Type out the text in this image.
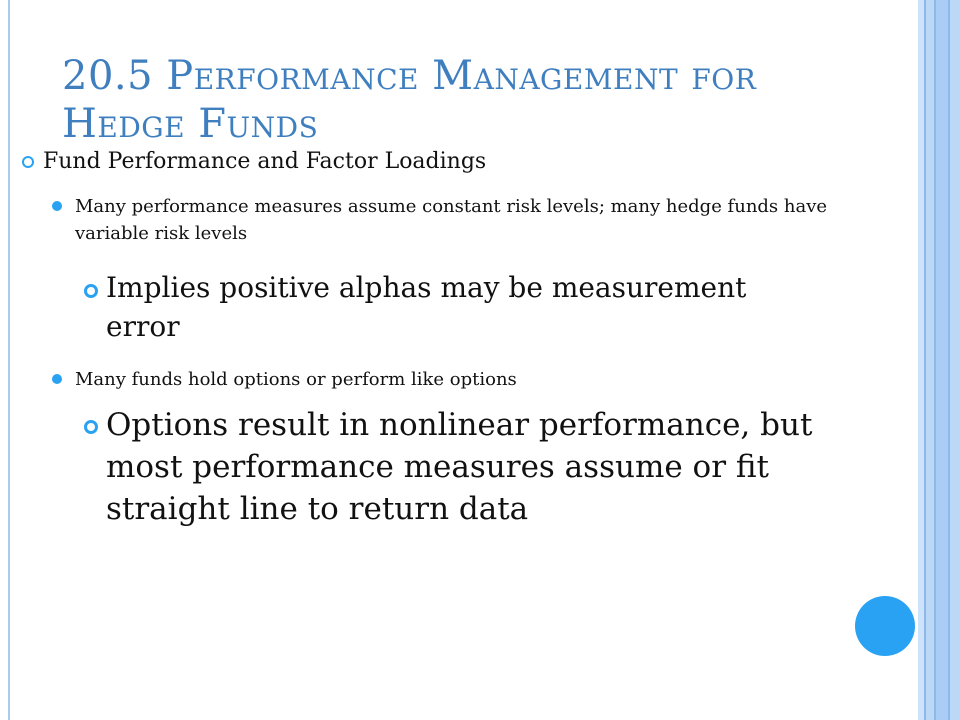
20.5 Performance Management for Hedge Funds
Fund Performance and Factor Loadings
Many performance measures assume constant risk levels; many hedge funds have variable risk levels
Implies positive alphas may be measurement error
Many funds hold options or perform like options
Options result in nonlinear performance, but most performance measures assume or fit straight line to return data
